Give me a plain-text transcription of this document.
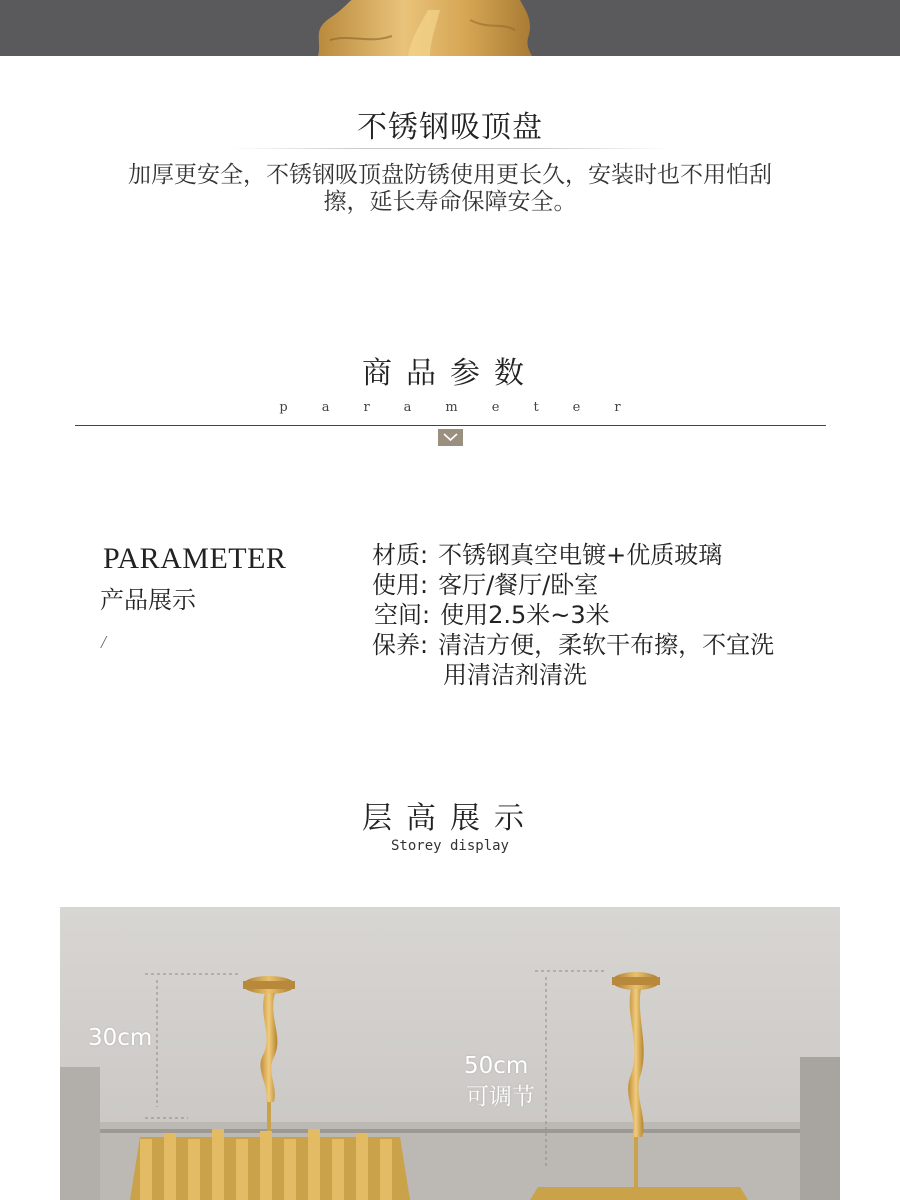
不锈钢吸顶盘
加厚更安全，不锈钢吸顶盘防锈使用更长久，安装时也不用怕刮
擦，延长寿命保障安全。
商品参数
parameter
PARAMETER
产品展示
/
材质: 不锈钢真空电镀+优质玻璃
使用: 客厅/餐厅/卧室
空间: 使用2.5米~3米
保养: 清洁方便，柔软干布擦，不宜洗
用清洁剂清洗
层高展示
Storey display
30cm
50cm
可调节
